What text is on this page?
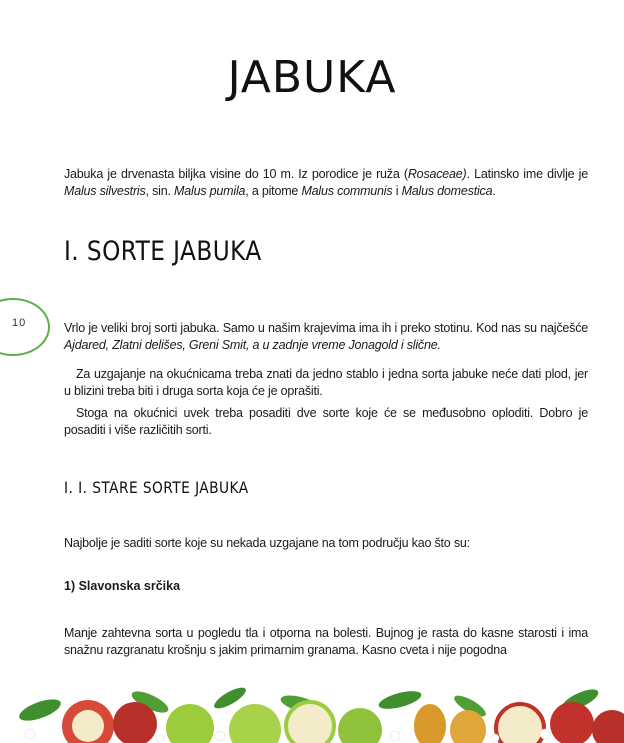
JABUKA

Jabuka je drvenasta biljka visine do 10 m. Iz porodice je ruža (Rosaceae). Latinsko ime divlje je Malus silvestris, sin. Malus pumila, a pitome Malus communis i Malus domestica.

I. SORTE JABUKA
10	Vrlo je veliki broj sorti jabuka. Samo u našim krajevima ima ih i preko stotinu. Kod nas su najčešće Ajdared, Zlatni delišes, Greni Smit, a u zadnje vreme Jonagold i slične.

Za uzgajanje na okućnicama treba znati da jedno stablo i jedna sorta jabuke neće dati plod, jer u blizini treba biti i druga sorta koja će je oprašiti.

Stoga na okućnici uvek treba posaditi dve sorte koje će se međusobno oploditi. Dobro je posaditi i više različitih sorti.

I. I. STARE SORTE JABUKA

Najbolje je saditi sorte koje su nekada uzgajane na tom području kao što su:

1) Slavonska srčika

Manje zahtevna sorta u pogledu tla i otporna na bolesti. Bujnog je rasta do kasne starosti i ima snažnu razgranatu krošnju s jakim primarnim granama. Kasno cveta i nije pogodna
